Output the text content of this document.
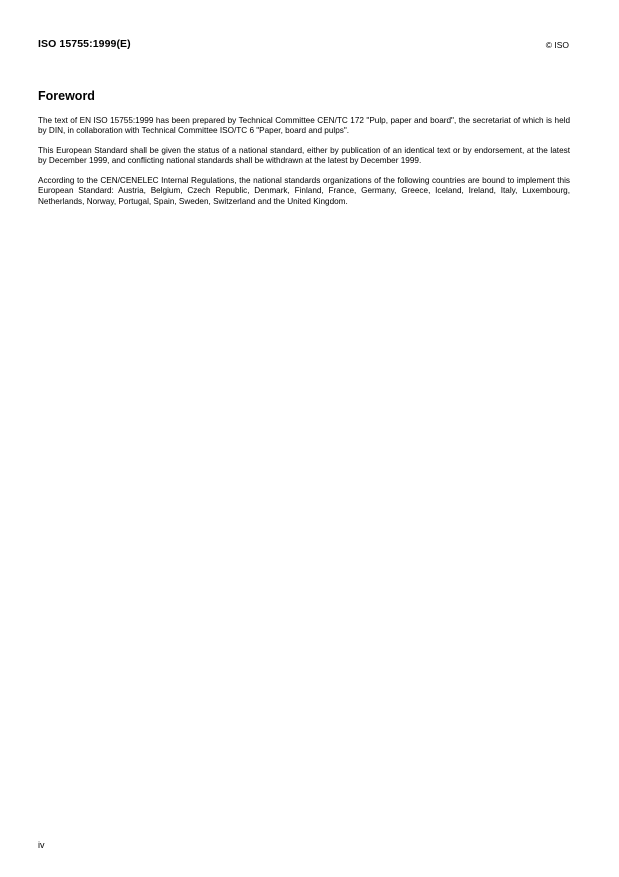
ISO 15755:1999(E)	© ISO
Foreword

The text of EN ISO 15755:1999 has been prepared by Technical Committee CEN/TC 172 "Pulp, paper and board", the secretariat of which is held by DIN, in collaboration with Technical Committee ISO/TC 6 "Paper, board and pulps".

This European Standard shall be given the status of a national standard, either by publication of an identical text or by endorsement, at the latest by December 1999, and conflicting national standards shall be withdrawn at the latest by December 1999.

According to the CEN/CENELEC Internal Regulations, the national standards organizations of the following countries are bound to implement this European Standard: Austria, Belgium, Czech Republic, Denmark, Finland, France, Germany, Greece, Iceland, Ireland, Italy, Luxembourg, Netherlands, Norway, Portugal, Spain, Sweden, Switzerland and the United Kingdom.

iv
